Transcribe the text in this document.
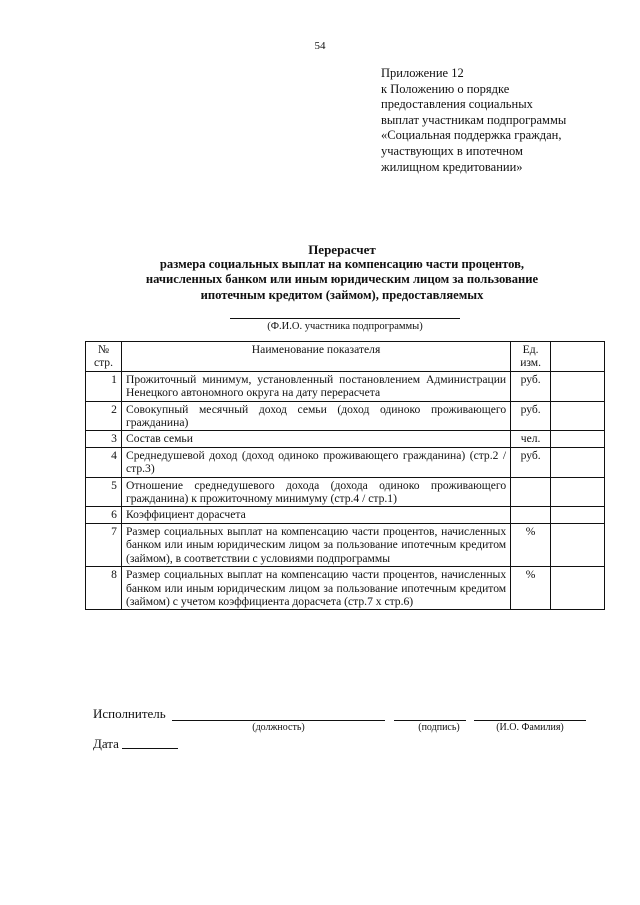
54
Приложение 12
к Положению о порядке
предоставления социальных
выплат участникам подпрограммы
«Социальная поддержка граждан,
участвующих в ипотечном
жилищном кредитовании»
Перерасчет
размера социальных выплат на компенсацию части процентов,
начисленных банком или иным юридическим лицом за пользование
ипотечным кредитом (займом), предоставляемых
(Ф.И.О. участника подпрограммы)
№ стр.	Наименование показателя	Ед. изм.	
1	Прожиточный минимум, установленный постановлением Администрации Ненецкого автономного округа на дату перерасчета	руб.	
2	Совокупный месячный доход семьи (доход одиноко проживающего гражданина)	руб.	
3	Состав семьи	чел.	
4	Среднедушевой доход (доход одиноко проживающего гражданина) (стр.2 / стр.3)	руб.	
5	Отношение среднедушевого дохода (дохода одиноко проживающего гражданина) к прожиточному минимуму (стр.4 / стр.1)		
6	Коэффициент дорасчета		
7	Размер социальных выплат на компенсацию части процентов, начисленных банком или иным юридическим лицом за пользование ипотечным кредитом (займом), в соответствии с условиями подпрограммы	%	
8	Размер социальных выплат на компенсацию части процентов, начисленных банком или иным юридическим лицом за пользование ипотечным кредитом (займом) с учетом коэффициента дорасчета (стр.7 х стр.6)	%	
Исполнитель
(должность)	(подпись)	(И.О. Фамилия)
Дата
